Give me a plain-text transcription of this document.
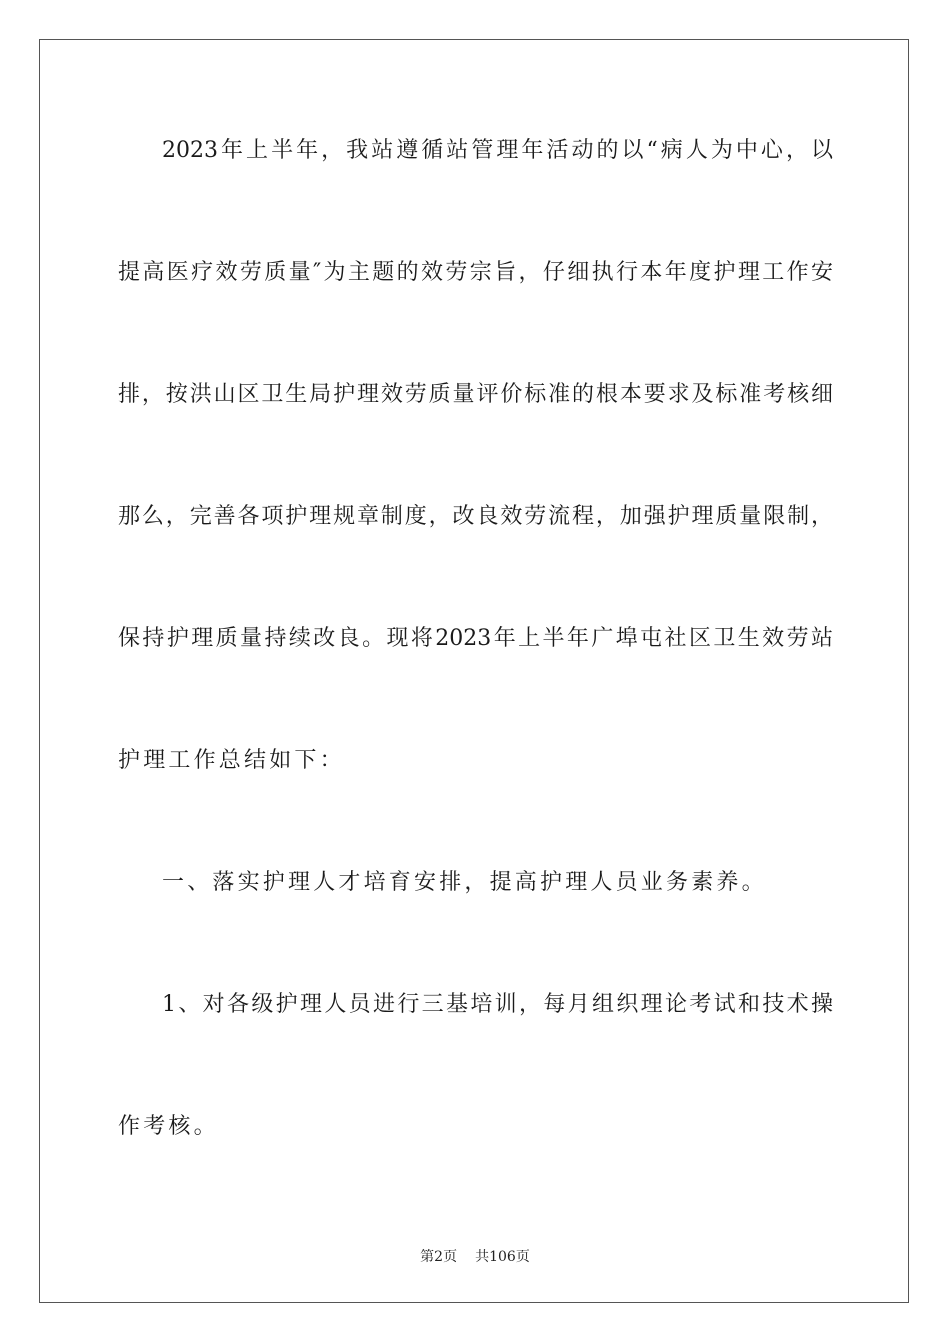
2023年上半年，我站遵循站管理年活动的以“病人为中心，以

提高医疗效劳质量″为主题的效劳宗旨，仔细执行本年度护理工作安

排，按洪山区卫生局护理效劳质量评价标准的根本要求及标准考核细

那么，完善各项护理规章制度，改良效劳流程，加强护理质量限制，

保持护理质量持续改良。现将2023年上半年广埠屯社区卫生效劳站

护理工作总结如下：

一、落实护理人才培育安排，提高护理人员业务素养。

1、对各级护理人员进行三基培训，每月组织理论考试和技术操

作考核。

第2页 共106页
